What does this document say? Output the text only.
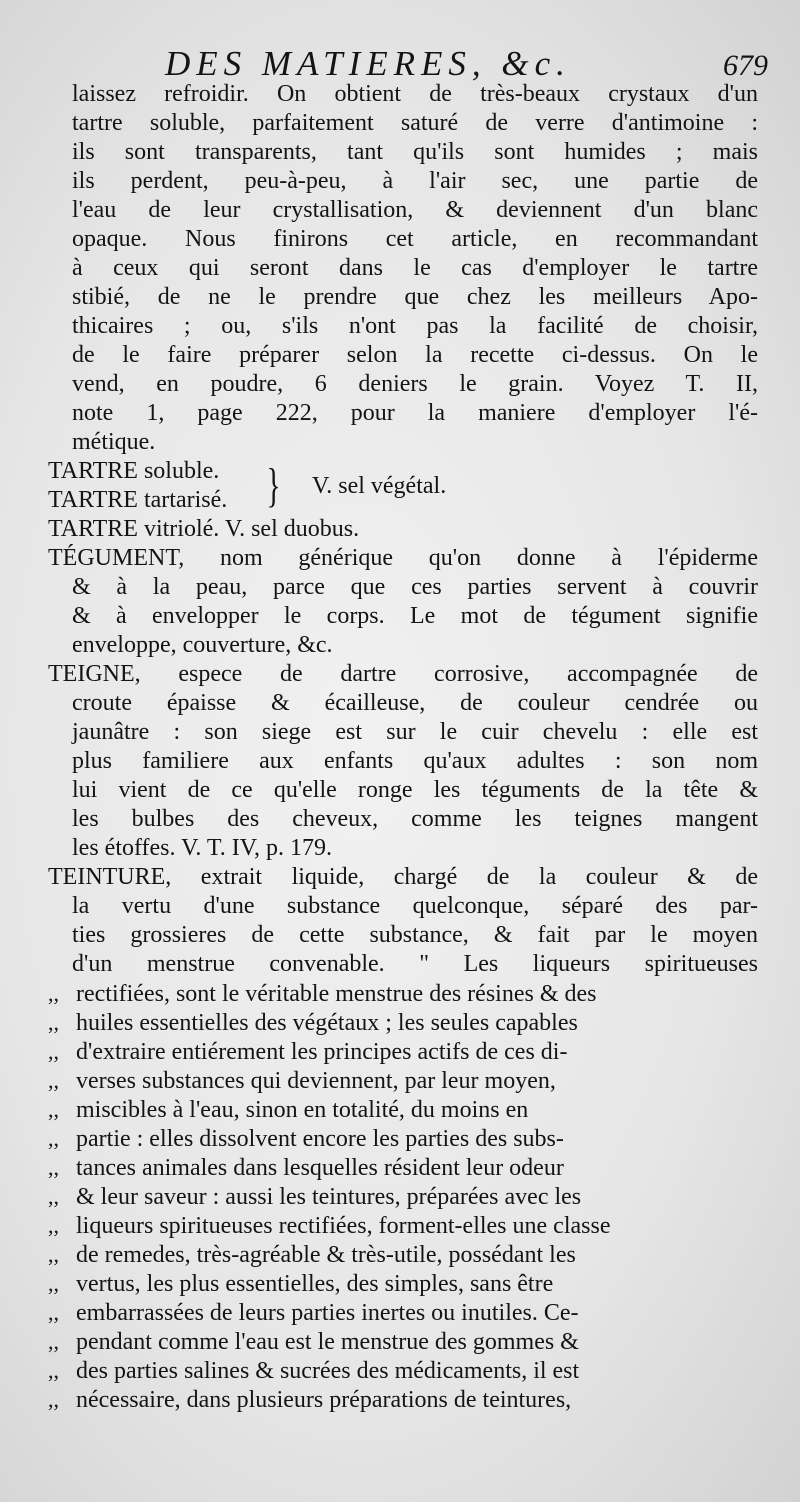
DES MATIERES, &c.	679
laissez refroidir. On obtient de très-beaux crystaux d'un
tartre soluble, parfaitement saturé de verre d'antimoine :
ils sont transparents, tant qu'ils sont humides ; mais
ils perdent, peu-à-peu, à l'air sec, une partie de
l'eau de leur crystallisation, & deviennent d'un blanc
opaque. Nous finirons cet article, en recommandant
à ceux qui seront dans le cas d'employer le tartre
stibié, de ne le prendre que chez les meilleurs Apo-
thicaires ; ou, s'ils n'ont pas la facilité de choisir,
de le faire préparer selon la recette ci-dessus. On le
vend, en poudre, 6 deniers le grain. Voyez T. II,
note 1, page 222, pour la maniere d'employer l'é-
métique.
TARTRE soluble.
TARTRE tartarisé. } V. sel végétal.
TARTRE vitriolé. V. sel duobus.
TÉGUMENT, nom générique qu'on donne à l'épiderme
& à la peau, parce que ces parties servent à couvrir
& à envelopper le corps. Le mot de tégument signifie
enveloppe, couverture, &c.
TEIGNE, espece de dartre corrosive, accompagnée de
croute épaisse & écailleuse, de couleur cendrée ou
jaunâtre : son siege est sur le cuir chevelu : elle est
plus familiere aux enfants qu'aux adultes : son nom
lui vient de ce qu'elle ronge les téguments de la tête &
les bulbes des cheveux, comme les teignes mangent
les étoffes. V. T. IV, p. 179.
TEINTURE, extrait liquide, chargé de la couleur & de
la vertu d'une substance quelconque, séparé des par-
ties grossieres de cette substance, & fait par le moyen
d'un menstrue convenable. " Les liqueurs spiritueuses
,, rectifiées, sont le véritable menstrue des résines & des
,, huiles essentielles des végétaux ; les seules capables
,, d'extraire entiérement les principes actifs de ces di-
,, verses substances qui deviennent, par leur moyen,
,, miscibles à l'eau, sinon en totalité, du moins en
,, partie : elles dissolvent encore les parties des subs-
,, tances animales dans lesquelles résident leur odeur
,, & leur saveur : aussi les teintures, préparées avec les
,, liqueurs spiritueuses rectifiées, forment-elles une classe
,, de remedes, très-agréable & très-utile, possédant les
,, vertus, les plus essentielles, des simples, sans être
,, embarrassées de leurs parties inertes ou inutiles. Ce-
,, pendant comme l'eau est le menstrue des gommes &
,, des parties salines & sucrées des médicaments, il est
,, nécessaire, dans plusieurs préparations de teintures,
